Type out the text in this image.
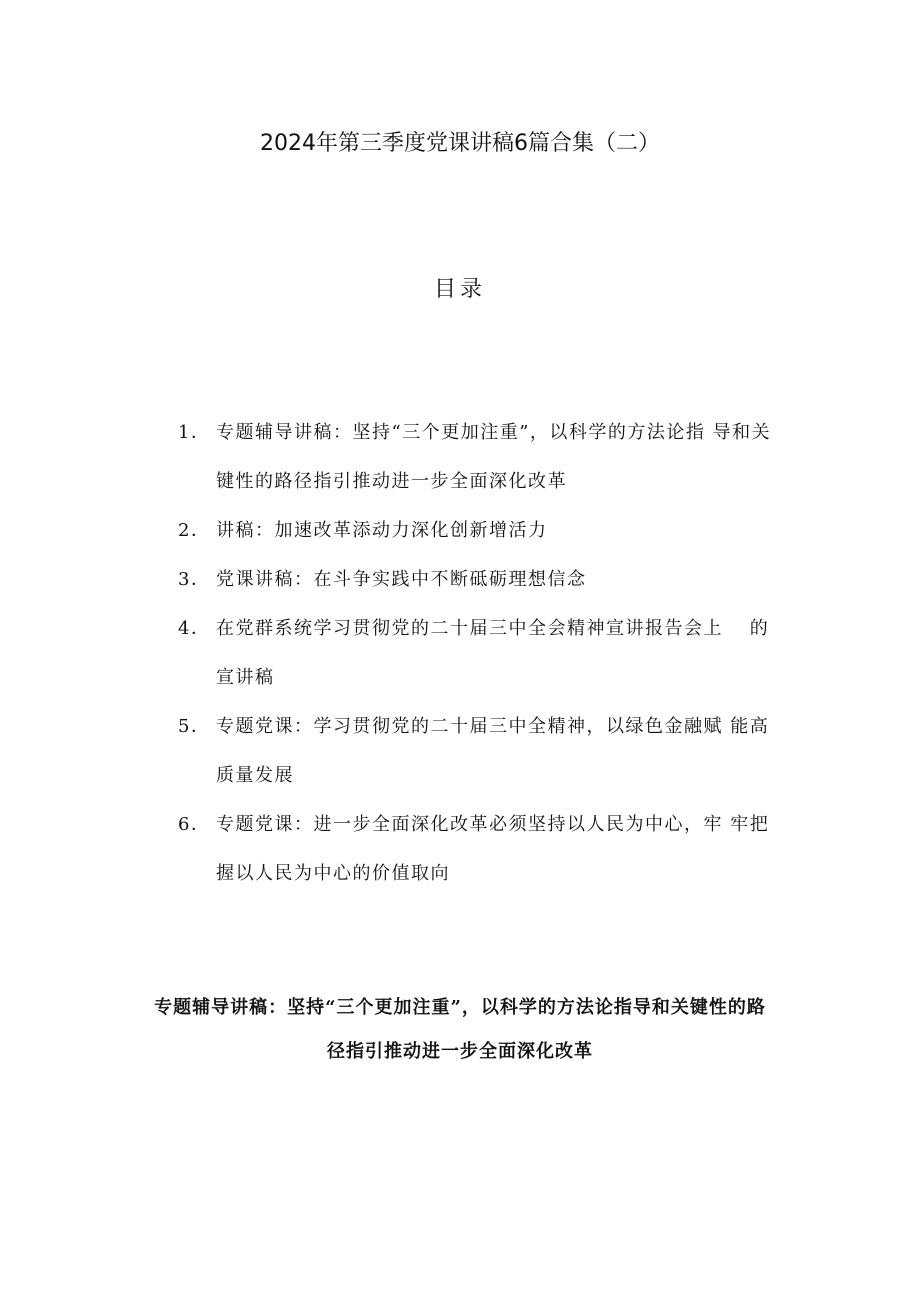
2024年第三季度党课讲稿6篇合集（二）
目录
1． 专题辅导讲稿：坚持“三个更加注重”，以科学的方法论指 导和关键性的路径指引推动进一步全面深化改革
2． 讲稿：加速改革添动力深化创新增活力
3． 党课讲稿：在斗争实践中不断砥砺理想信念
4． 在党群系统学习贯彻党的二十届三中全会精神宣讲报告会上　 的宣讲稿
5． 专题党课：学习贯彻党的二十届三中全精神，以绿色金融赋 能高质量发展
6． 专题党课：进一步全面深化改革必须坚持以人民为中心，牢 牢把握以人民为中心的价值取向
专题辅导讲稿：坚持“三个更加注重”，以科学的方法论指导和关键性的路径指引推动进一步全面深化改革
